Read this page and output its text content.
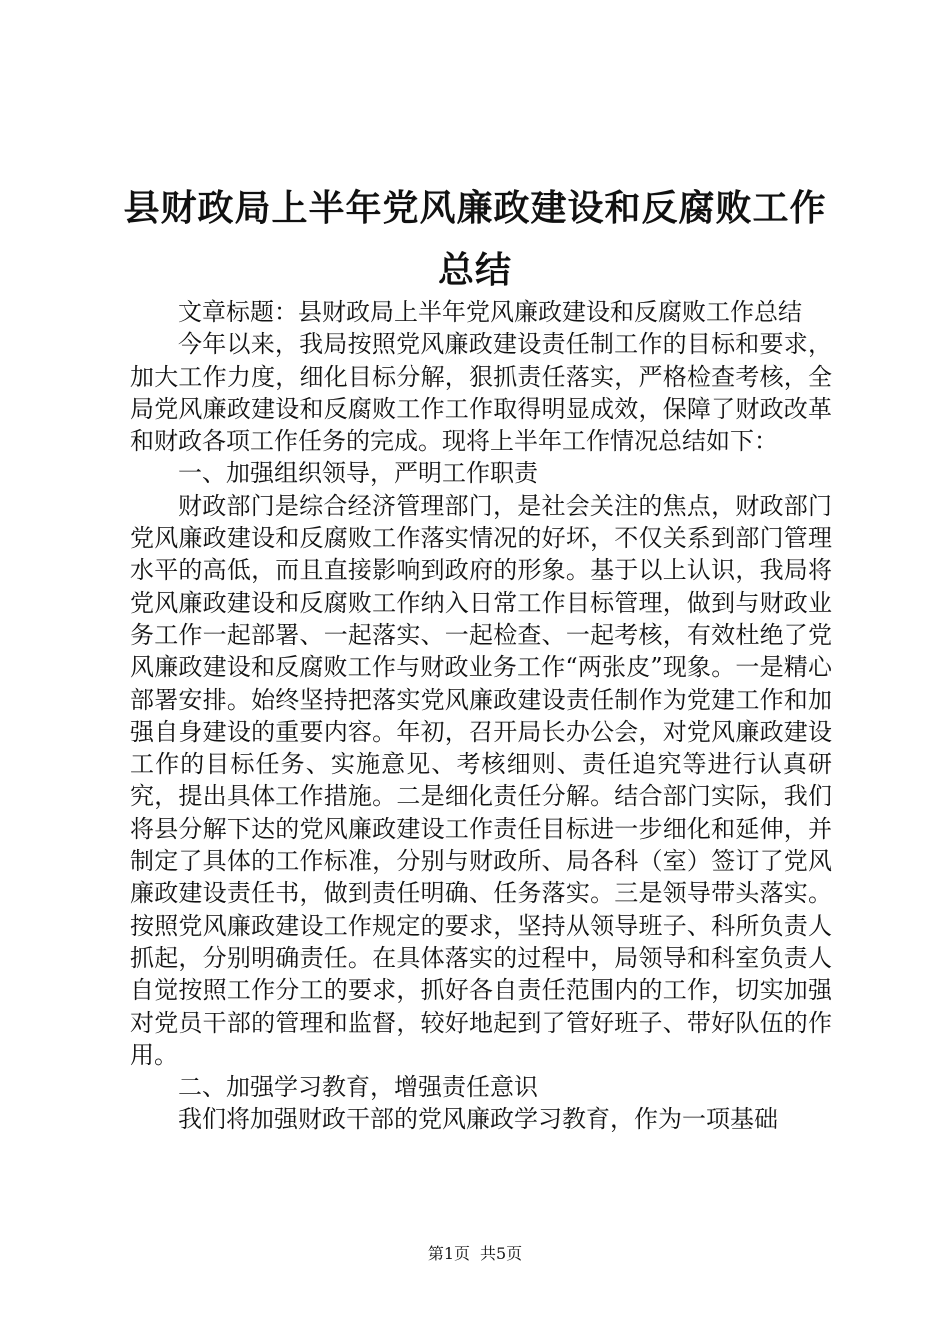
县财政局上半年党风廉政建设和反腐败工作总结

文章标题：县财政局上半年党风廉政建设和反腐败工作总结

今年以来，我局按照党风廉政建设责任制工作的目标和要求，加大工作力度，细化目标分解，狠抓责任落实，严格检查考核，全局党风廉政建设和反腐败工作工作取得明显成效，保障了财政改革和财政各项工作任务的完成。现将上半年工作情况总结如下：

一、加强组织领导，严明工作职责

财政部门是综合经济管理部门，是社会关注的焦点，财政部门党风廉政建设和反腐败工作落实情况的好坏，不仅关系到部门管理水平的高低，而且直接影响到政府的形象。基于以上认识，我局将党风廉政建设和反腐败工作纳入日常工作目标管理，做到与财政业务工作一起部署、一起落实、一起检查、一起考核，有效杜绝了党风廉政建设和反腐败工作与财政业务工作“两张皮”现象。一是精心部署安排。始终坚持把落实党风廉政建设责任制作为党建工作和加强自身建设的重要内容。年初，召开局长办公会，对党风廉政建设工作的目标任务、实施意见、考核细则、责任追究等进行认真研究，提出具体工作措施。二是细化责任分解。结合部门实际，我们将县分解下达的党风廉政建设工作责任目标进一步细化和延伸，并制定了具体的工作标准，分别与财政所、局各科（室）签订了党风廉政建设责任书，做到责任明确、任务落实。三是领导带头落实。按照党风廉政建设工作规定的要求，坚持从领导班子、科所负责人抓起，分别明确责任。在具体落实的过程中，局领导和科室负责人自觉按照工作分工的要求，抓好各自责任范围内的工作，切实加强对党员干部的管理和监督，较好地起到了管好班子、带好队伍的作用。

二、加强学习教育，增强责任意识

我们将加强财政干部的党风廉政学习教育，作为一项基础

第1页 共5页
